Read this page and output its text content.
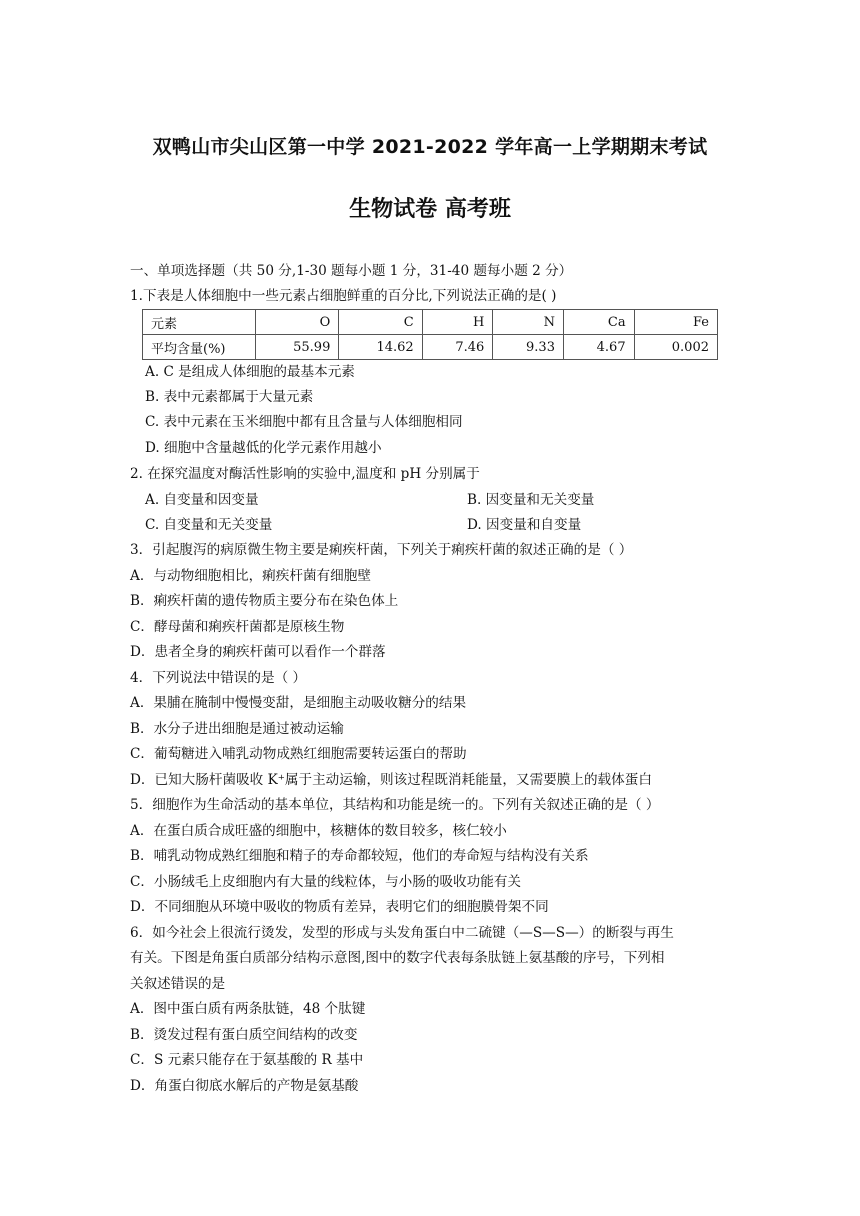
双鸭山市尖山区第一中学 2021-2022 学年高一上学期期末考试
生物试卷 高考班
一、单项选择题（共 50 分,1-30 题每小题 1 分，31-40 题每小题 2 分）
1.下表是人体细胞中一些元素占细胞鲜重的百分比,下列说法正确的是( )
元素	O	C	H	N	Ca	Fe
平均含量(%)	55.99	14.62	7.46	9.33	4.67	0.002
A. C 是组成人体细胞的最基本元素
B. 表中元素都属于大量元素
C. 表中元素在玉米细胞中都有且含量与人体细胞相同
D. 细胞中含量越低的化学元素作用越小
2. 在探究温度对酶活性影响的实验中,温度和 pH 分别属于
A. 自变量和因变量	B. 因变量和无关变量
C. 自变量和无关变量	D. 因变量和自变量
3．引起腹泻的病原微生物主要是痢疾杆菌，下列关于痢疾杆菌的叙述正确的是（ ）
A．与动物细胞相比，痢疾杆菌有细胞壁
B．痢疾杆菌的遗传物质主要分布在染色体上
C．酵母菌和痢疾杆菌都是原核生物
D．患者全身的痢疾杆菌可以看作一个群落
4．下列说法中错误的是（ ）
A．果脯在腌制中慢慢变甜，是细胞主动吸收糖分的结果
B．水分子进出细胞是通过被动运输
C．葡萄糖进入哺乳动物成熟红细胞需要转运蛋白的帮助
D．已知大肠杆菌吸收 K⁺属于主动运输，则该过程既消耗能量，又需要膜上的载体蛋白
5．细胞作为生命活动的基本单位，其结构和功能是统一的。下列有关叙述正确的是（ ）
A．在蛋白质合成旺盛的细胞中，核糖体的数目较多，核仁较小
B．哺乳动物成熟红细胞和精子的寿命都较短，他们的寿命短与结构没有关系
C．小肠绒毛上皮细胞内有大量的线粒体，与小肠的吸收功能有关
D．不同细胞从环境中吸收的物质有差异，表明它们的细胞膜骨架不同
6．如今社会上很流行烫发，发型的形成与头发角蛋白中二硫键（—S—S—）的断裂与再生
有关。下图是角蛋白质部分结构示意图,图中的数字代表每条肽链上氨基酸的序号，下列相
关叙述错误的是
A．图中蛋白质有两条肽链，48 个肽键
B．烫发过程有蛋白质空间结构的改变
C．S 元素只能存在于氨基酸的 R 基中
D．角蛋白彻底水解后的产物是氨基酸
